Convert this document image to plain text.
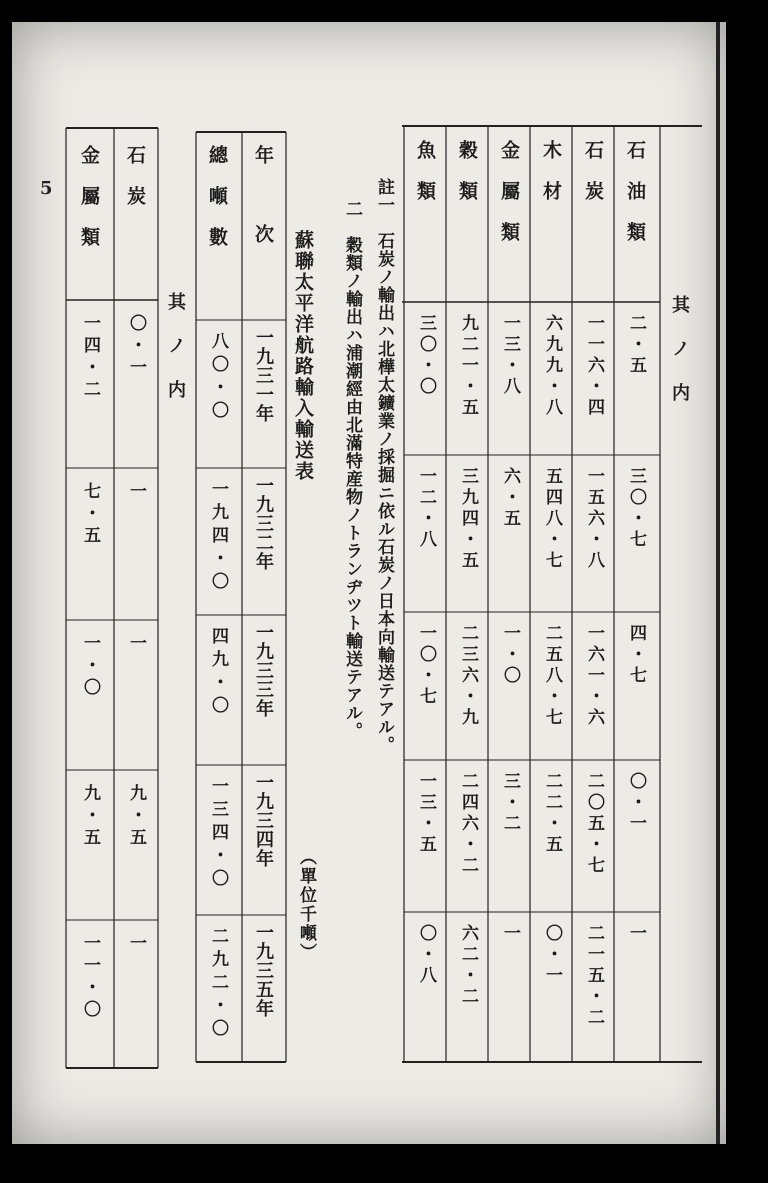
5
其ノ内
石油類
二・五
三〇・七
四・七
〇・一
一
石炭
一一六・四
一五六・八
一六一・六
二〇五・七
二一五・二
木材
六九九・八
五四八・七
二五八・七
二二・五
〇・一
金屬類
一三・八
六・五
一・〇
三・二
一
穀類
九二一・五
三九四・五
二三六・九
二四六・二
六二・二
魚類
三〇・〇
一二・八
一〇・七
一三・五
〇・八
註一　石炭ノ輸出ハ北樺太鑛業ノ採掘ニ依ル石炭ノ日本向輸送テアル。
二　穀類ノ輸出ハ浦潮經由北滿特産物ノトランヂツト輸送テアル。
蘇聯太平洋航路輸入輸送表
（單位千噸）
年次
總噸數
一九三一年
一九三二年
一九三三年
一九三四年
一九三五年
八〇・〇
一九四・〇
四九・〇
一三四・〇
二九二・〇
其ノ内
石炭
〇・一
一
一
九・五
一
金屬類
一四・二
七・五
一・〇
九・五
一一・〇
